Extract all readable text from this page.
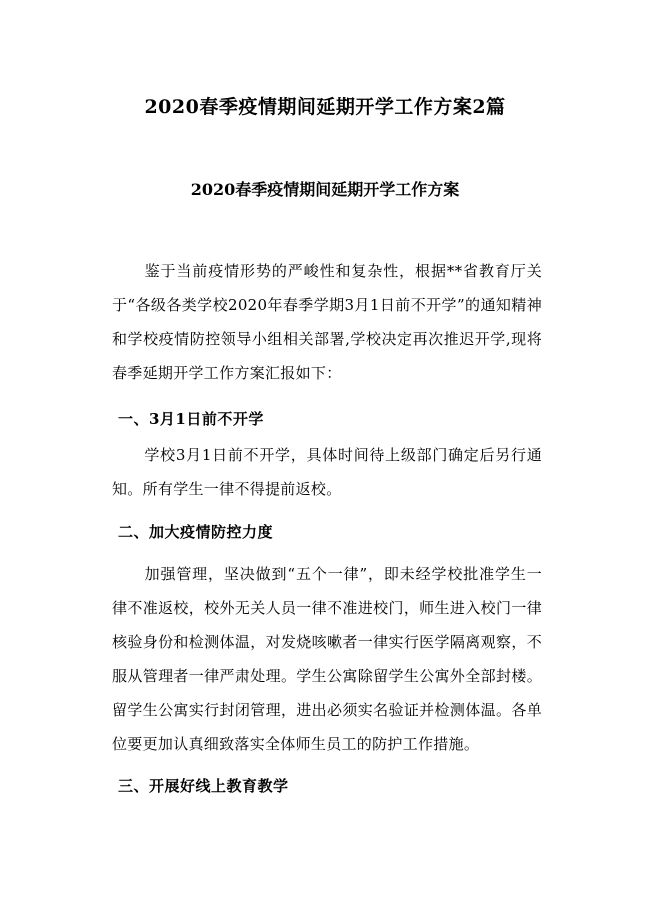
2020春季疫情期间延期开学工作方案2篇
2020春季疫情期间延期开学工作方案
鉴于当前疫情形势的严峻性和复杂性，根据**省教育厅关于“各级各类学校2020年春季学期3月1日前不开学”的通知精神和学校疫情防控领导小组相关部署,学校决定再次推迟开学,现将春季延期开学工作方案汇报如下：
一、3月1日前不开学
学校3月1日前不开学，具体时间待上级部门确定后另行通知。所有学生一律不得提前返校。
二、加大疫情防控力度
加强管理，坚决做到“五个一律”，即未经学校批准学生一律不准返校，校外无关人员一律不准进校门，师生进入校门一律核验身份和检测体温，对发烧咳嗽者一律实行医学隔离观察，不服从管理者一律严肃处理。学生公寓除留学生公寓外全部封楼。留学生公寓实行封闭管理，进出必须实名验证并检测体温。各单位要更加认真细致落实全体师生员工的防护工作措施。
三、开展好线上教育教学
